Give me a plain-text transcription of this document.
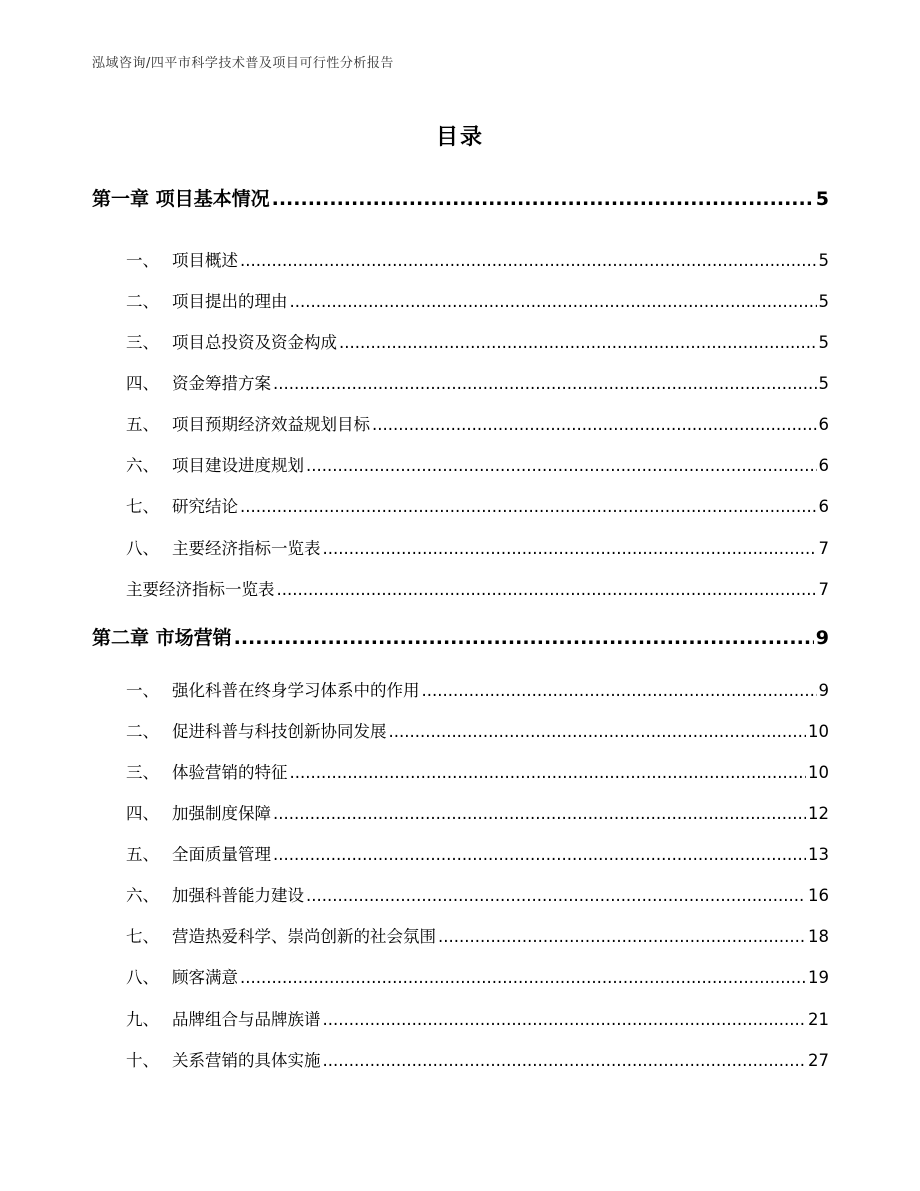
泓域咨询/四平市科学技术普及项目可行性分析报告
目录
第一章 项目基本情况 .....	5
一、 项目概述 .....	5
二、 项目提出的理由 .....	5
三、 项目总投资及资金构成 .....	5
四、 资金筹措方案 .....	5
五、 项目预期经济效益规划目标 .....	6
六、 项目建设进度规划 .....	6
七、 研究结论 .....	6
八、 主要经济指标一览表 .....	7
主要经济指标一览表 .....	7
第二章 市场营销 .....	9
一、 强化科普在终身学习体系中的作用 .....	9
二、 促进科普与科技创新协同发展 .....	10
三、 体验营销的特征 .....	10
四、 加强制度保障 .....	12
五、 全面质量管理 .....	13
六、 加强科普能力建设 .....	16
七、 营造热爱科学、崇尚创新的社会氛围 .....	18
八、 顾客满意 .....	19
九、 品牌组合与品牌族谱 .....	21
十、 关系营销的具体实施 .....	27
